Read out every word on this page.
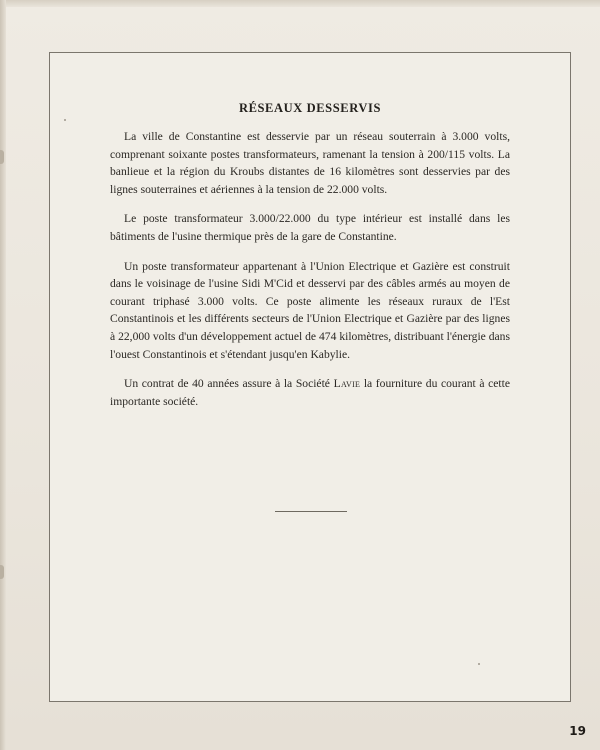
RÉSEAUX DESSERVIS

La ville de Constantine est desservie par un réseau souterrain à 3.000 volts, comprenant soixante postes transformateurs, ramenant la tension à 200/115 volts. La banlieue et la région du Kroubs distantes de 16 kilomètres sont desservies par des lignes souterraines et aériennes à la tension de 22.000 volts.

Le poste transformateur 3.000/22.000 du type intérieur est installé dans les bâtiments de l'usine thermique près de la gare de Constantine.

Un poste transformateur appartenant à l'Union Electrique et Gazière est construit dans le voisinage de l'usine Sidi M'Cid et desservi par des câbles armés au moyen de courant triphasé 3.000 volts. Ce poste alimente les réseaux ruraux de l'Est Constantinois et les différents secteurs de l'Union Electrique et Gazière par des lignes à 22,000 volts d'un développement actuel de 474 kilomètres, distribuant l'énergie dans l'ouest Constantinois et s'étendant jusqu'en Kabylie.

Un contrat de 40 années assure à la Société Lavie la fourniture du courant à cette importante société.

19
